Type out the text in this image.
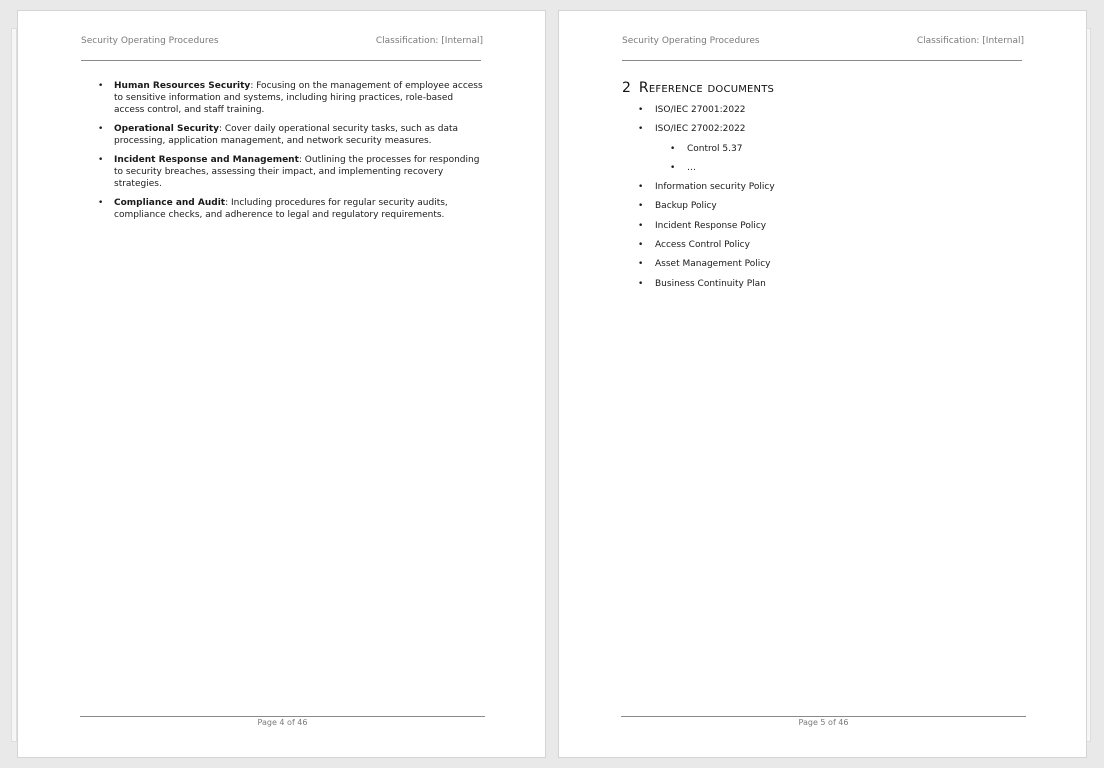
Security Operating Procedures	Classification: [Internal]
• Human Resources Security: Focusing on the management of employee access to sensitive information and systems, including hiring practices, role-based access control, and staff training.
• Operational Security: Cover daily operational security tasks, such as data processing, application management, and network security measures.
• Incident Response and Management: Outlining the processes for responding to security breaches, assessing their impact, and implementing recovery strategies.
• Compliance and Audit: Including procedures for regular security audits, compliance checks, and adherence to legal and regulatory requirements.
Page 4 of 46
Security Operating Procedures	Classification: [Internal]
2 Reference documents
• ISO/IEC 27001:2022
• ISO/IEC 27002:2022
• Control 5.37
• …
• Information security Policy
• Backup Policy
• Incident Response Policy
• Access Control Policy
• Asset Management Policy
• Business Continuity Plan
Page 5 of 46
